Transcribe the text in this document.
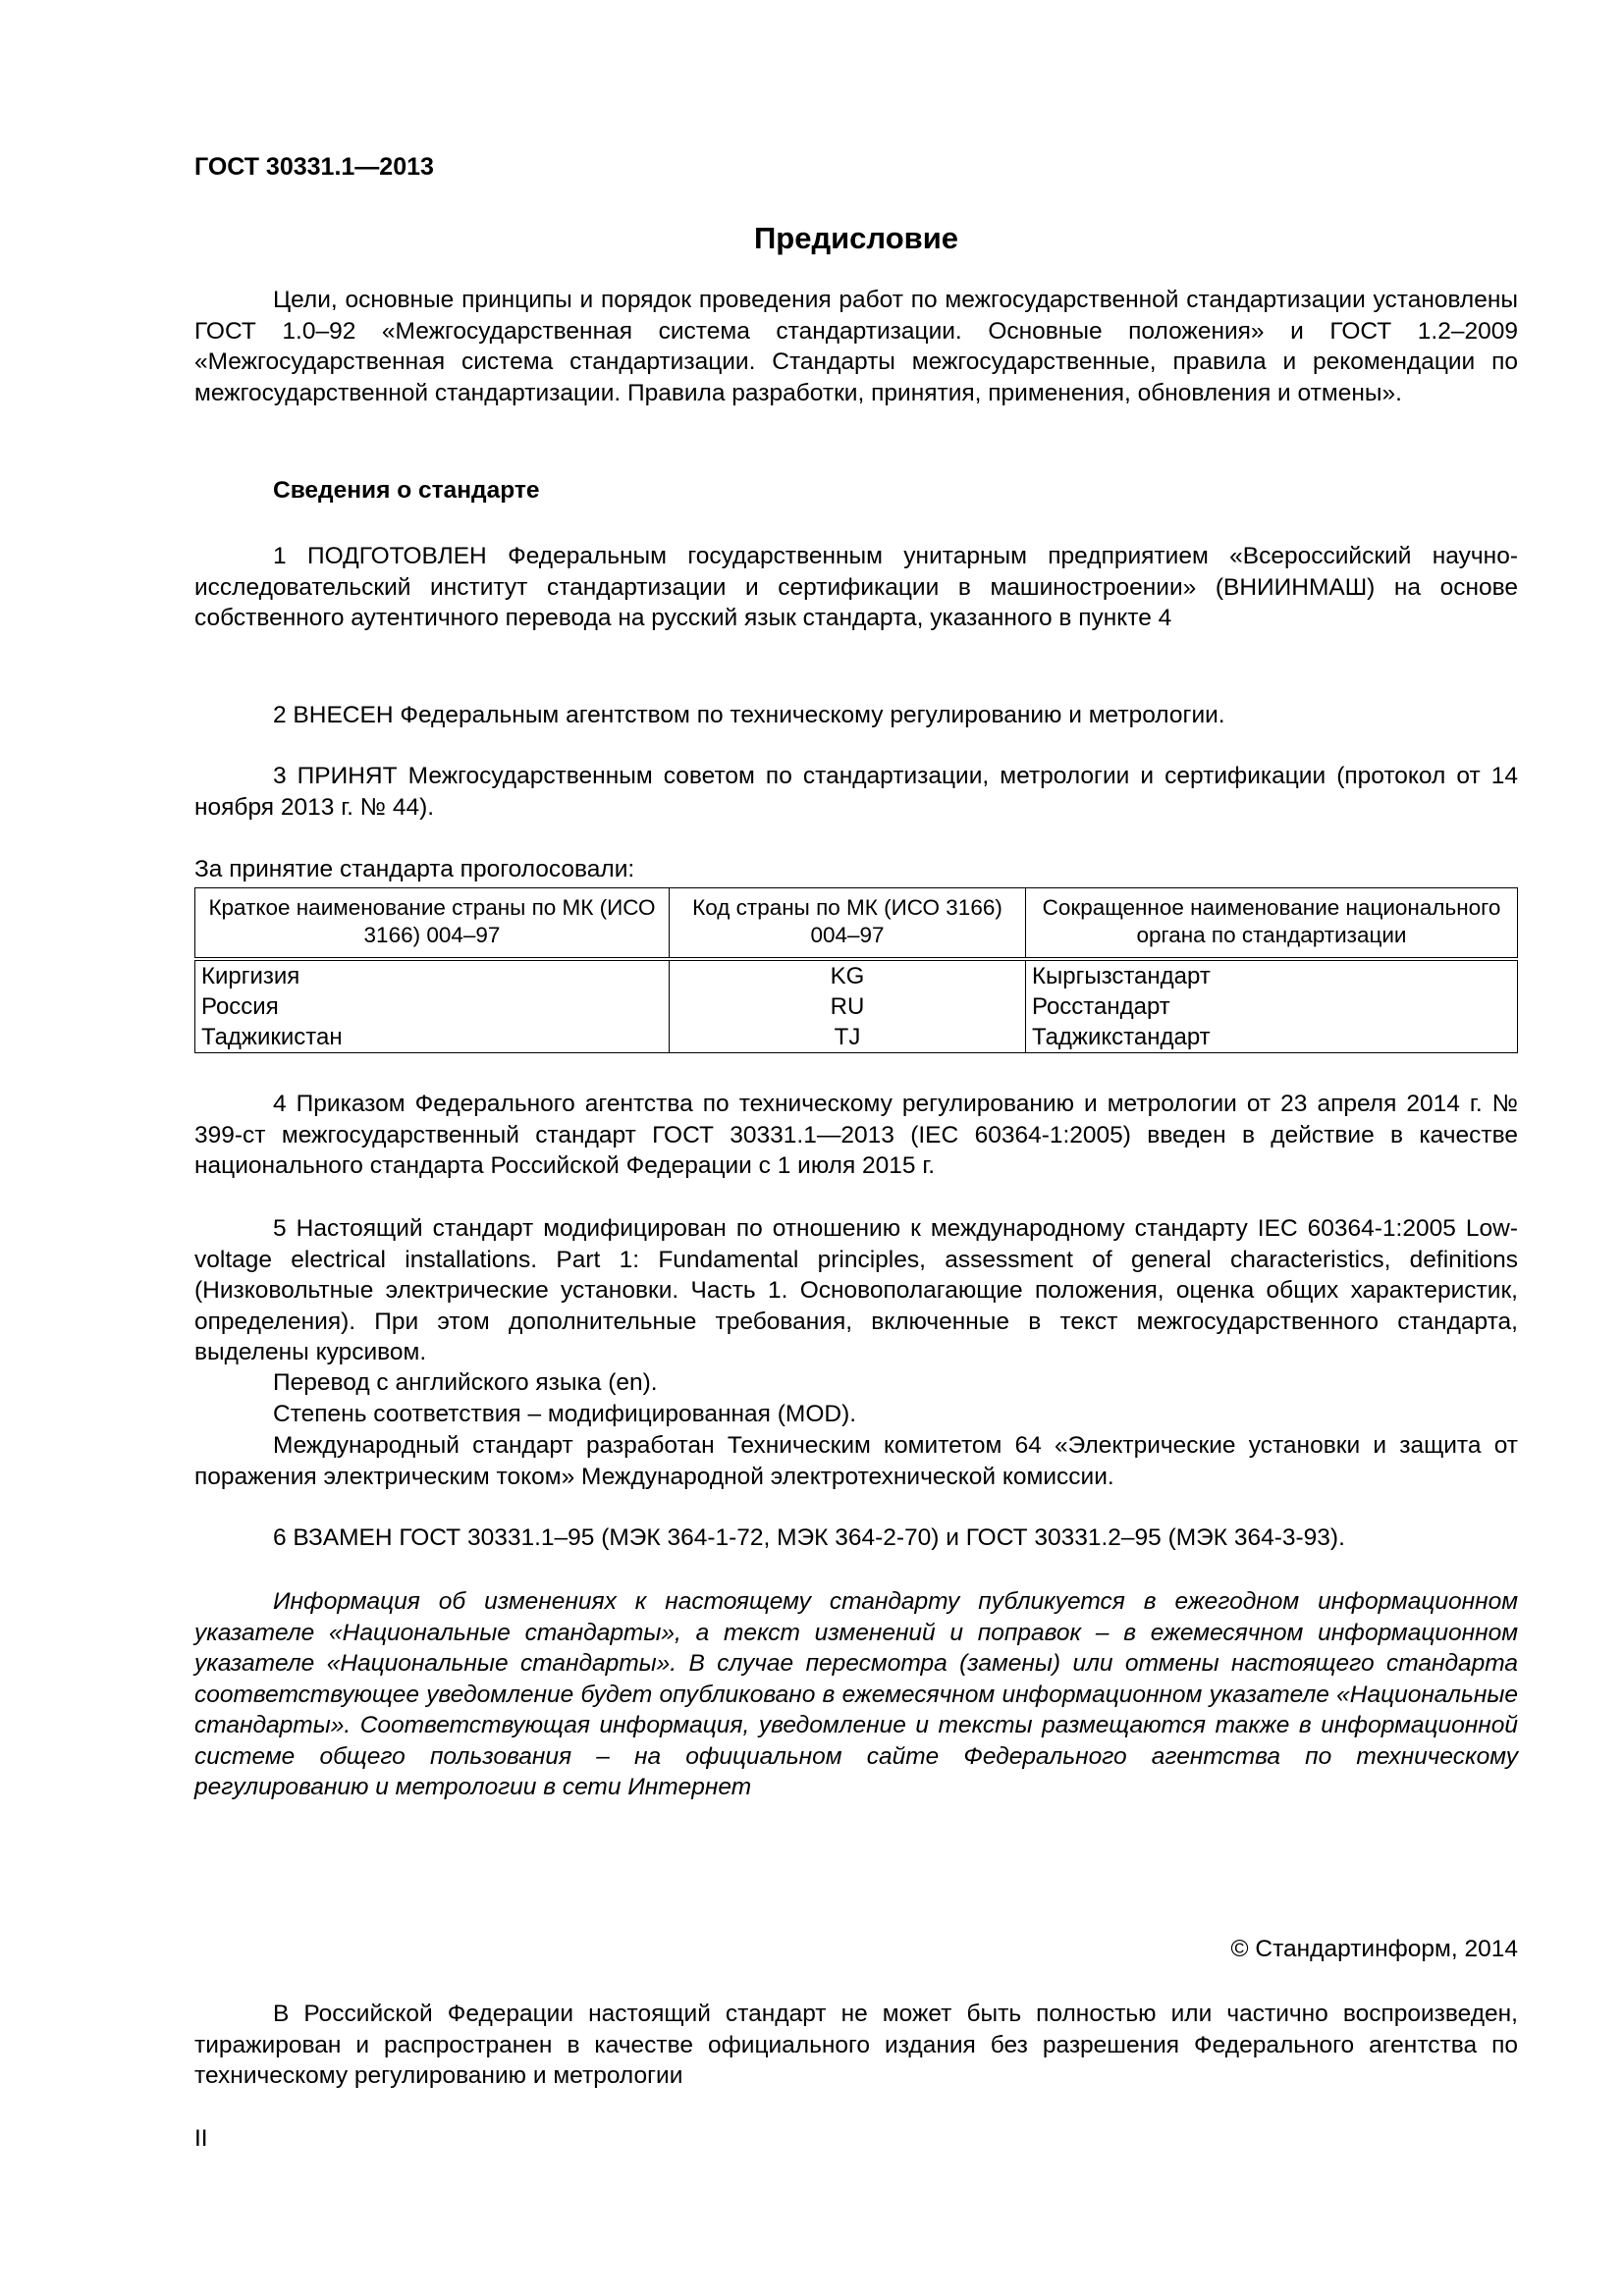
ГОСТ 30331.1—2013
Предисловие

Цели, основные принципы и порядок проведения работ по межгосударственной стандартизации установлены ГОСТ 1.0–92 «Межгосударственная система стандартизации. Основные положения» и ГОСТ 1.2–2009 «Межгосударственная система стандартизации. Стандарты межгосударственные, правила и рекомендации по межгосударственной стандартизации. Правила разработки, принятия, применения, обновления и отмены».

Сведения о стандарте

1 ПОДГОТОВЛЕН Федеральным государственным унитарным предприятием «Всероссийский научно-исследовательский институт стандартизации и сертификации в машиностроении» (ВНИИНМАШ) на основе собственного аутентичного перевода на русский язык стандарта, указанного в пункте 4

2 ВНЕСЕН Федеральным агентством по техническому регулированию и метрологии.

3 ПРИНЯТ Межгосударственным советом по стандартизации, метрологии и сертификации (протокол от 14 ноября 2013 г. № 44).

За принятие стандарта проголосовали:
Краткое наименование страны по МК (ИСО 3166) 004–97	Код страны по МК (ИСО 3166) 004–97	Сокращенное наименование национального органа по стандартизации
Киргизия	KG	Кыргызстандарт
Россия	RU	Росстандарт
Таджикистан	TJ	Таджикстандарт

4 Приказом Федерального агентства по техническому регулированию и метрологии от 23 апреля 2014 г. № 399-ст межгосударственный стандарт ГОСТ 30331.1—2013 (IEC 60364-1:2005) введен в действие в качестве национального стандарта Российской Федерации с 1 июля 2015 г.

5 Настоящий стандарт модифицирован по отношению к международному стандарту IEC 60364-1:2005 Low-voltage electrical installations. Part 1: Fundamental principles, assessment of general characteristics, definitions (Низковольтные электрические установки. Часть 1. Основополагающие положения, оценка общих характеристик, определения). При этом дополнительные требования, включенные в текст межгосударственного стандарта, выделены курсивом.

Перевод с английского языка (en).

Степень соответствия – модифицированная (MOD).

Международный стандарт разработан Техническим комитетом 64 «Электрические установки и защита от поражения электрическим током» Международной электротехнической комиссии.

6 ВЗАМЕН ГОСТ 30331.1–95 (МЭК 364-1-72, МЭК 364-2-70) и ГОСТ 30331.2–95 (МЭК 364-3-93).

Информация об изменениях к настоящему стандарту публикуется в ежегодном информационном указателе «Национальные стандарты», а текст изменений и поправок – в ежемесячном информационном указателе «Национальные стандарты». В случае пересмотра (замены) или отмены настоящего стандарта соответствующее уведомление будет опубликовано в ежемесячном информационном указателе «Национальные стандарты». Соответствующая информация, уведомление и тексты размещаются также в информационной системе общего пользования – на официальном сайте Федерального агентства по техническому регулированию и метрологии в сети Интернет

© Стандартинформ, 2014

В Российской Федерации настоящий стандарт не может быть полностью или частично воспроизведен, тиражирован и распространен в качестве официального издания без разрешения Федерального агентства по техническому регулированию и метрологии

II
